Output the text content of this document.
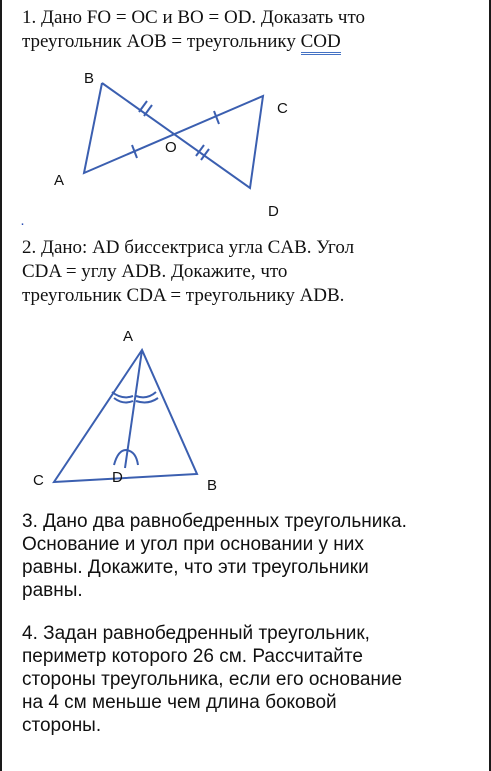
1. Дано FO = OC и BO = OD. Доказать что
треугольник AOB = треугольнику COD
B
C
O
A
D
·
2. Дано: AD биссектриса угла CAB. Угол
CDA = углу ADB. Докажите, что
треугольник CDA = треугольнику ADB.
A
C	D	B
3. Дано два равнобедренных треугольника.
Основание и угол при основании у них
равны. Докажите, что эти треугольники
равны.
4. Задан равнобедренный треугольник,
периметр которого 26 см. Рассчитайте
стороны треугольника, если его основание
на 4 см меньше чем длина боковой
стороны.
